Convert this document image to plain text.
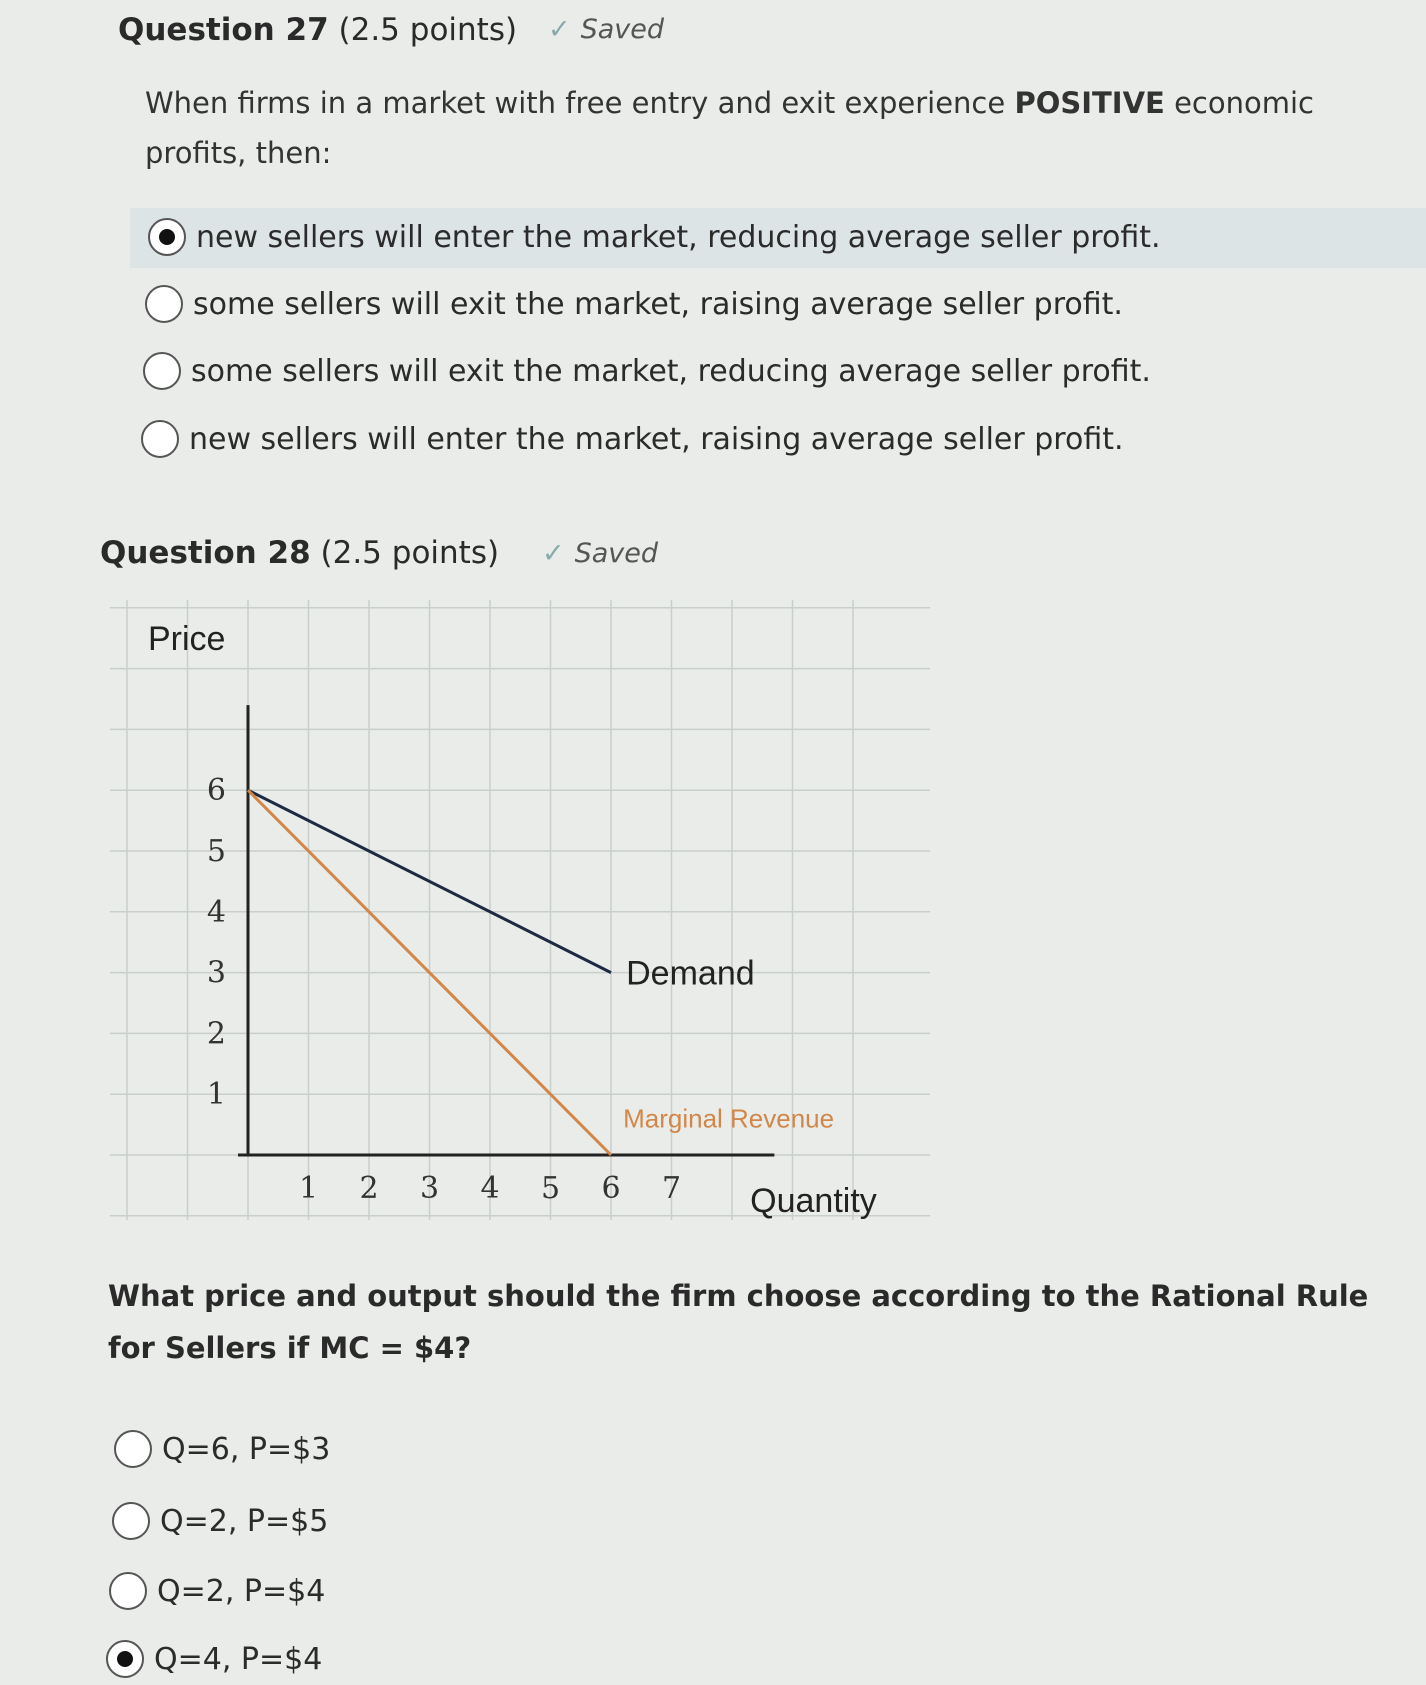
Question 27 (2.5 points) ✓ Saved
When firms in a market with free entry and exit experience POSITIVE economic profits, then:
new sellers will enter the market, reducing average seller profit.
some sellers will exit the market, raising average seller profit.
some sellers will exit the market, reducing average seller profit.
new sellers will enter the market, raising average seller profit.
Question 28 (2.5 points) ✓ Saved
1 2 3 4 5 6 7
1
2
3
4
5
6
Price
Quantity
Demand
Marginal Revenue
What price and output should the firm choose according to the Rational Rule for Sellers if MC = $4?
Q=6, P=$3
Q=2, P=$5
Q=2, P=$4
Q=4, P=$4
